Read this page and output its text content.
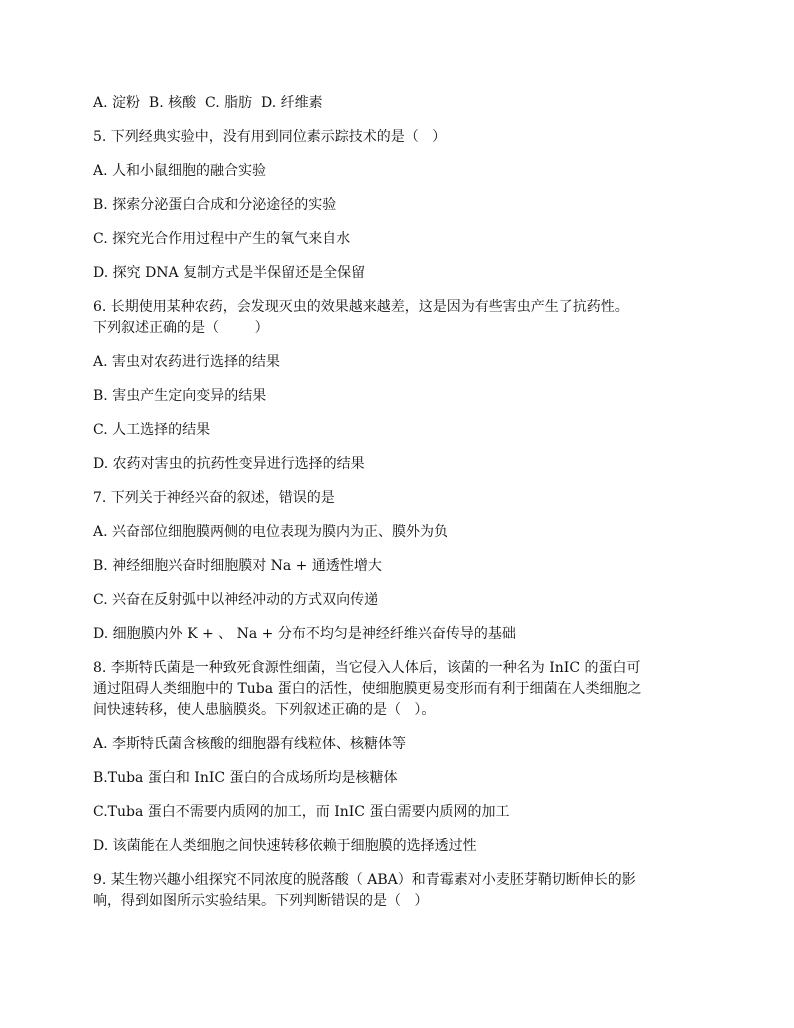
A. 淀粉  B. 核酸  C. 脂肪  D. 纤维素

5. 下列经典实验中，没有用到同位素示踪技术的是（   ）

A. 人和小鼠细胞的融合实验

B. 探索分泌蛋白合成和分泌途径的实验

C. 探究光合作用过程中产生的氧气来自水

D. 探究 DNA 复制方式是半保留还是全保留

6. 长期使用某种农药，会发现灭虫的效果越来越差，这是因为有些害虫产生了抗药性。

下列叙述正确的是（        ）

A. 害虫对农药进行选择的结果

B. 害虫产生定向变异的结果

C. 人工选择的结果

D. 农药对害虫的抗药性变异进行选择的结果

7. 下列关于神经兴奋的叙述，错误的是

A. 兴奋部位细胞膜两侧的电位表现为膜内为正、膜外为负

B. 神经细胞兴奋时细胞膜对 Na + 通透性增大

C. 兴奋在反射弧中以神经冲动的方式双向传递

D. 细胞膜内外 K + 、 Na + 分布不均匀是神经纤维兴奋传导的基础

8. 李斯特氏菌是一种致死食源性细菌，当它侵入人体后，该菌的一种名为 InIC 的蛋白可

通过阻碍人类细胞中的 Tuba 蛋白的活性，使细胞膜更易变形而有利于细菌在人类细胞之

间快速转移，使人患脑膜炎。下列叙述正确的是（   ）。

A. 李斯特氏菌含核酸的细胞器有线粒体、核糖体等

B.Tuba 蛋白和 InIC 蛋白的合成场所均是核糖体

C.Tuba 蛋白不需要内质网的加工，而 InIC 蛋白需要内质网的加工

D. 该菌能在人类细胞之间快速转移依赖于细胞膜的选择透过性

9. 某生物兴趣小组探究不同浓度的脱落酸（ ABA）和青霉素对小麦胚芽鞘切断伸长的影

响，得到如图所示实验结果。下列判断错误的是（   ）
